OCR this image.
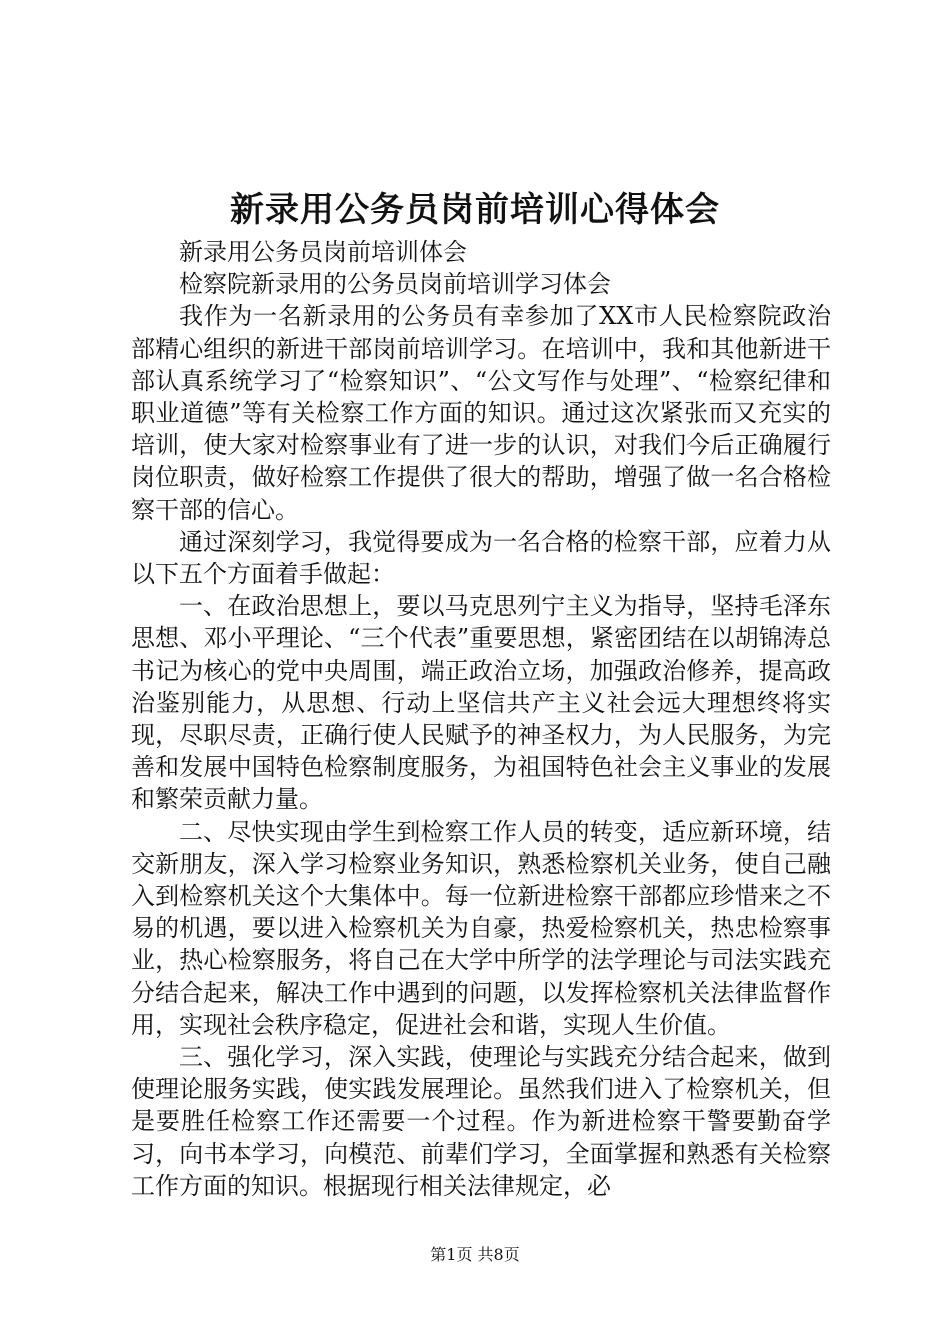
新录用公务员岗前培训心得体会

新录用公务员岗前培训体会

检察院新录用的公务员岗前培训学习体会

我作为一名新录用的公务员有幸参加了XX市人民检察院政治部精心组织的新进干部岗前培训学习。在培训中，我和其他新进干部认真系统学习了“检察知识”、“公文写作与处理”、“检察纪律和职业道德”等有关检察工作方面的知识。通过这次紧张而又充实的培训，使大家对检察事业有了进一步的认识，对我们今后正确履行岗位职责，做好检察工作提供了很大的帮助，增强了做一名合格检察干部的信心。

通过深刻学习，我觉得要成为一名合格的检察干部，应着力从以下五个方面着手做起：

一、在政治思想上，要以马克思列宁主义为指导，坚持毛泽东思想、邓小平理论、“三个代表”重要思想，紧密团结在以胡锦涛总书记为核心的党中央周围，端正政治立场，加强政治修养，提高政治鉴别能力，从思想、行动上坚信共产主义社会远大理想终将实现，尽职尽责，正确行使人民赋予的神圣权力，为人民服务，为完善和发展中国特色检察制度服务，为祖国特色社会主义事业的发展和繁荣贡献力量。

二、尽快实现由学生到检察工作人员的转变，适应新环境，结交新朋友，深入学习检察业务知识，熟悉检察机关业务，使自己融入到检察机关这个大集体中。每一位新进检察干部都应珍惜来之不易的机遇，要以进入检察机关为自豪，热爱检察机关，热忠检察事业，热心检察服务，将自己在大学中所学的法学理论与司法实践充分结合起来，解决工作中遇到的问题，以发挥检察机关法律监督作用，实现社会秩序稳定，促进社会和谐，实现人生价值。

三、强化学习，深入实践，使理论与实践充分结合起来，做到使理论服务实践，使实践发展理论。虽然我们进入了检察机关，但是要胜任检察工作还需要一个过程。作为新进检察干警要勤奋学习，向书本学习，向模范、前辈们学习，全面掌握和熟悉有关检察工作方面的知识。根据现行相关法律规定，必

第1页 共8页
